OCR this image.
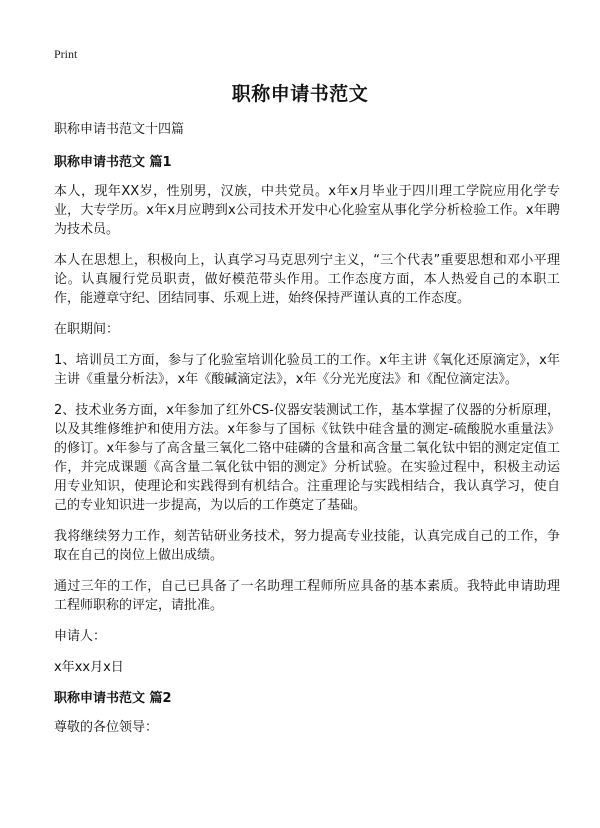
Print
职称申请书范文

职称申请书范文十四篇

职称申请书范文 篇1

本人，现年XX岁，性别男，汉族，中共党员。x年x月毕业于四川理工学院应用化学专业，大专学历。x年x月应聘到x公司技术开发中心化验室从事化学分析检验工作。x年聘为技术员。

本人在思想上，积极向上，认真学习马克思列宁主义，“三个代表”重要思想和邓小平理论。认真履行党员职责，做好模范带头作用。工作态度方面，本人热爱自己的本职工作，能遵章守纪、团结同事、乐观上进，始终保持严谨认真的工作态度。

在职期间：

1、培训员工方面，参与了化验室培训化验员工的工作。x年主讲《氧化还原滴定》，x年主讲《重量分析法》，x年《酸碱滴定法》，x年《分光光度法》和《配位滴定法》。

2、技术业务方面，x年参加了红外CS-仪器安装测试工作，基本掌握了仪器的分析原理，以及其维修维护和使用方法。x年参与了国标《钛铁中硅含量的测定-硫酸脱水重量法》的修订。x年参与了高含量三氧化二铬中硅磷的含量和高含量二氧化钛中铝的测定定值工作，并完成课题《高含量二氧化钛中铝的测定》分析试验。在实验过程中，积极主动运用专业知识，使理论和实践得到有机结合。注重理论与实践相结合，我认真学习，使自己的专业知识进一步提高，为以后的工作奠定了基础。

我将继续努力工作，刻苦钻研业务技术，努力提高专业技能，认真完成自己的工作，争取在自己的岗位上做出成绩。

通过三年的工作，自己已具备了一名助理工程师所应具备的基本素质。我特此申请助理工程师职称的评定，请批准。

申请人：

x年xx月x日

职称申请书范文 篇2

尊敬的各位领导：
